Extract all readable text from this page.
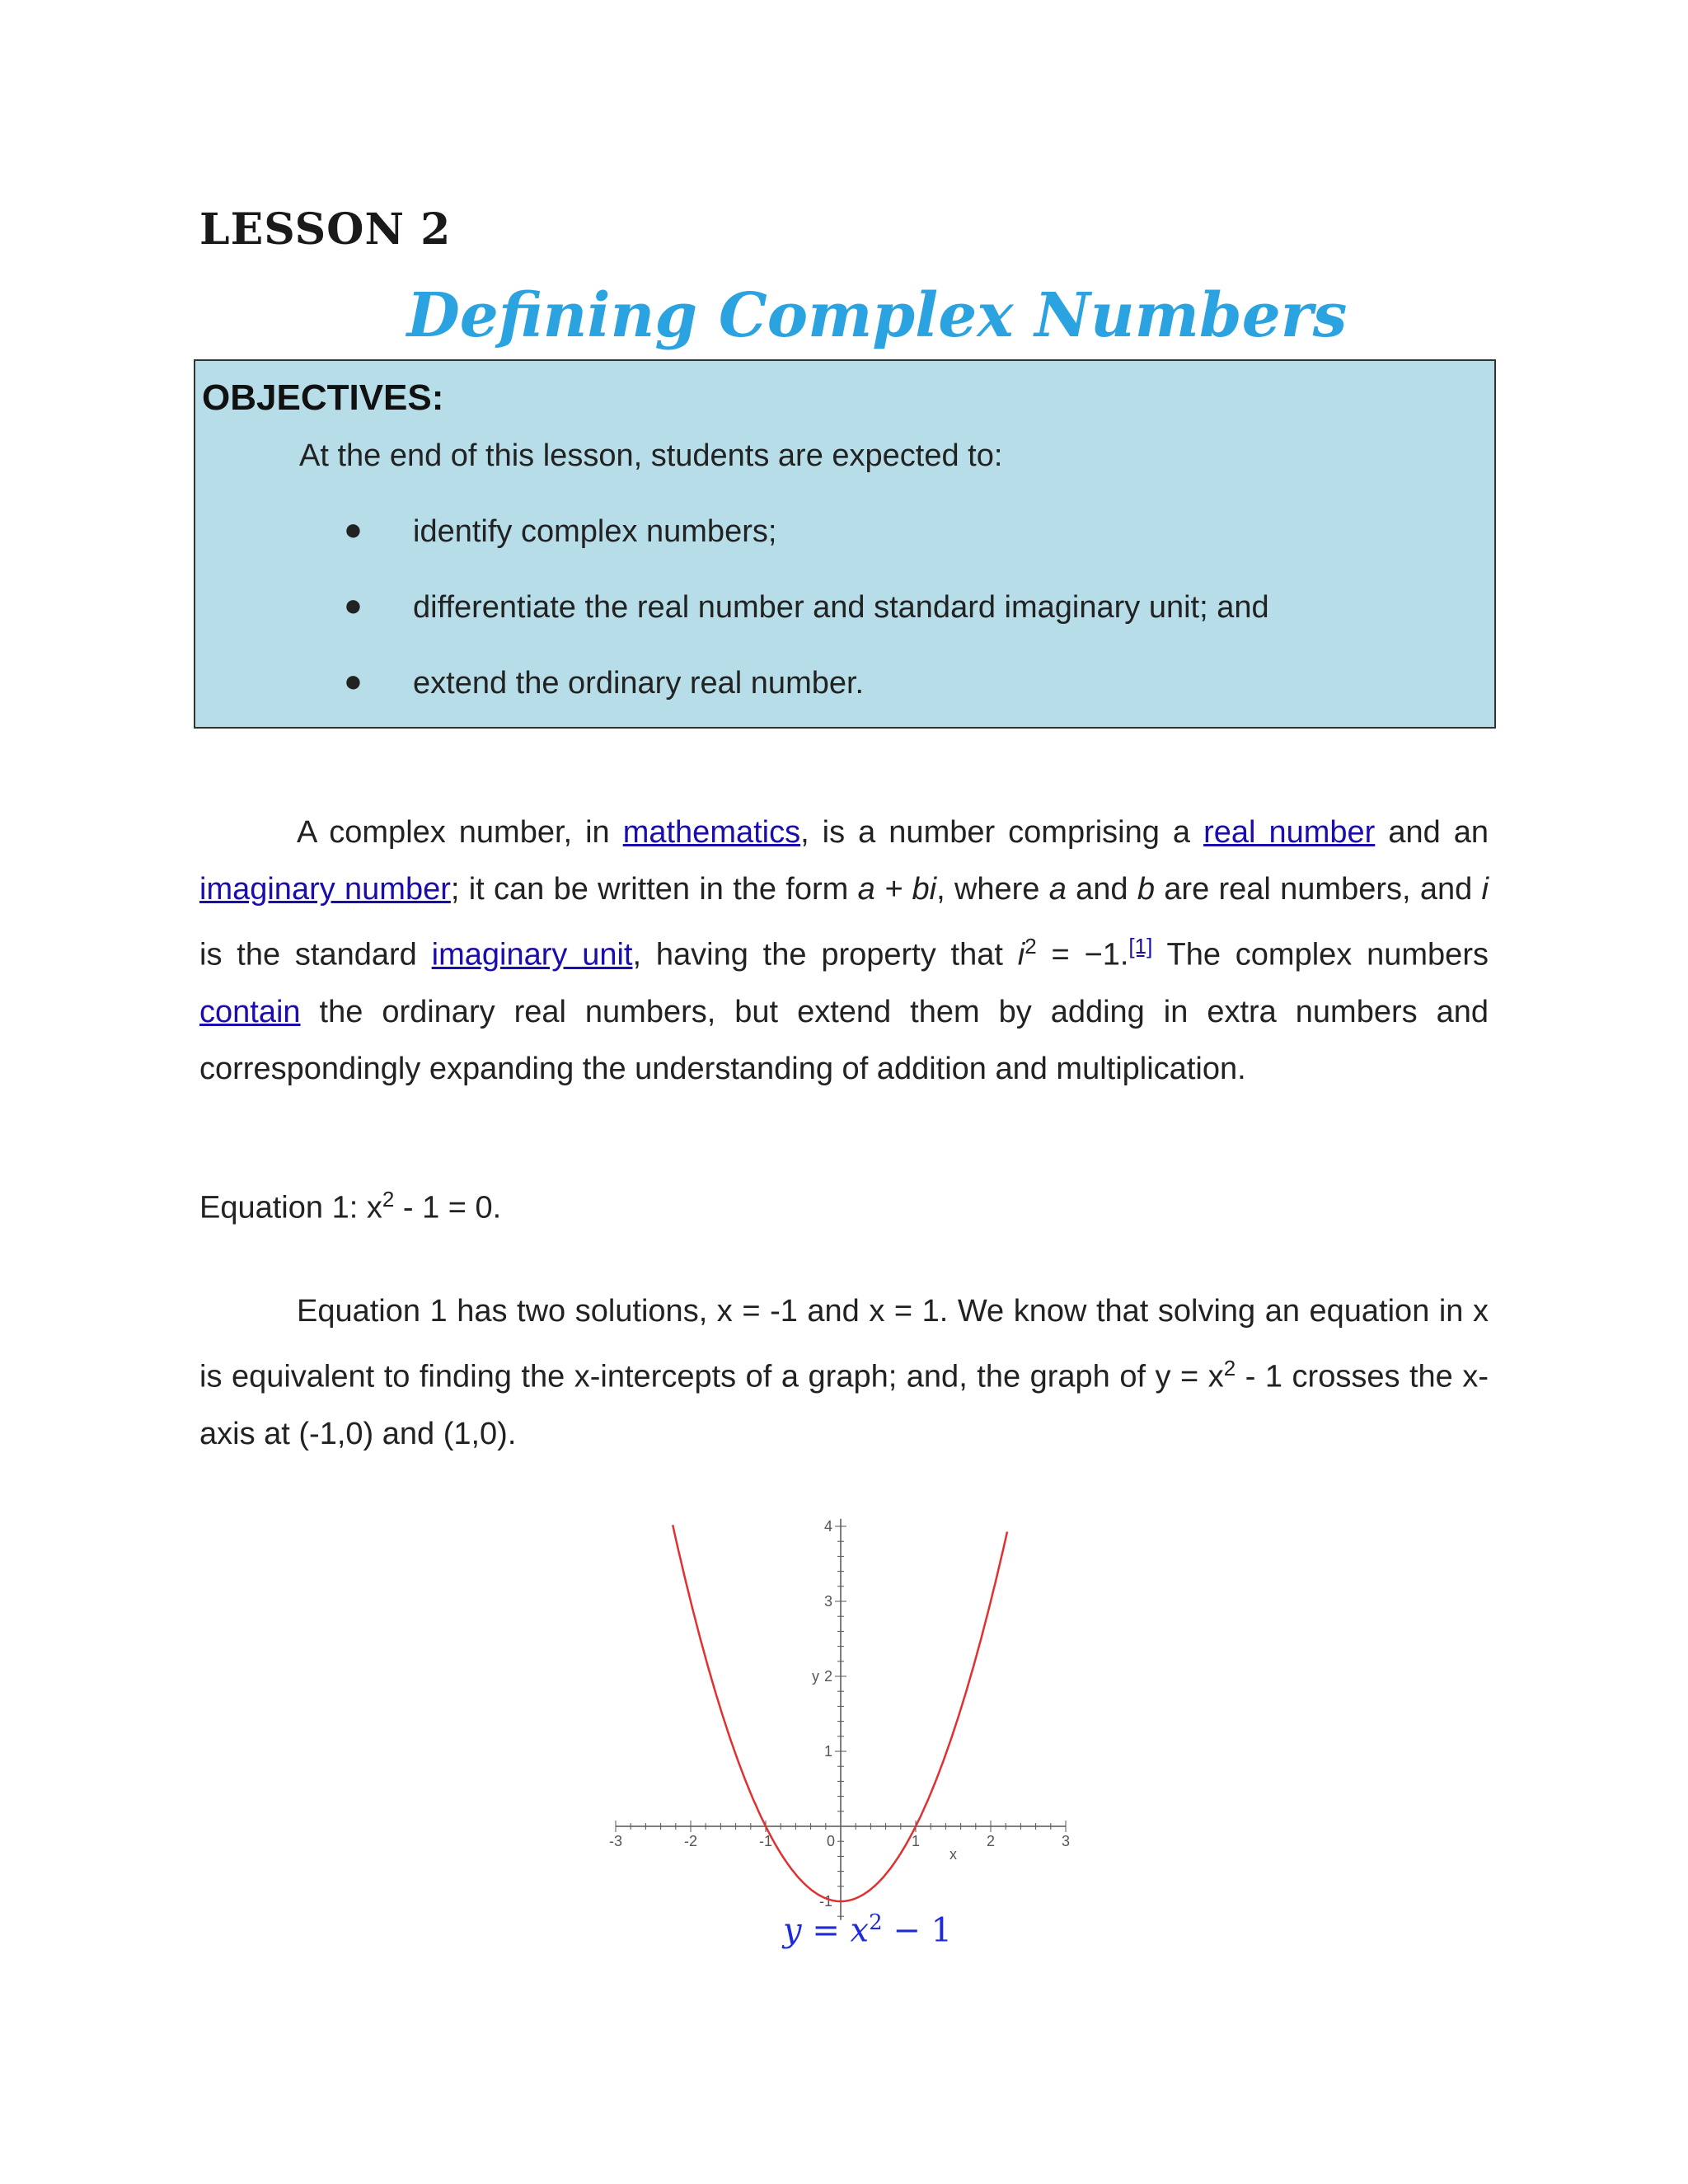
LESSON 2
Defining Complex Numbers
OBJECTIVES:
At the end of this lesson, students are expected to:
● identify complex numbers;
● differentiate the real number and standard imaginary unit; and
● extend the ordinary real number.
A complex number, in mathematics, is a number comprising a real number and an imaginary number; it can be written in the form a + bi, where a and b are real numbers, and i is the standard imaginary unit, having the property that $i^2 = -1.[1]$ The complex numbers contain the ordinary real numbers, but extend them by adding in extra numbers and correspondingly expanding the understanding of addition and multiplication.
Equation 1: $x^2 - 1 = 0$.
Equation 1 has two solutions, x = -1 and x = 1. We know that solving an equation in x is equivalent to finding the x-intercepts of a graph; and, the graph of $y = x^2 - 1$ crosses the x-axis at (-1,0) and (1,0).
-3	-2	-1	0	1	2	3
4
3
2
1
-1
x
y
$y = x^2 - 1$
